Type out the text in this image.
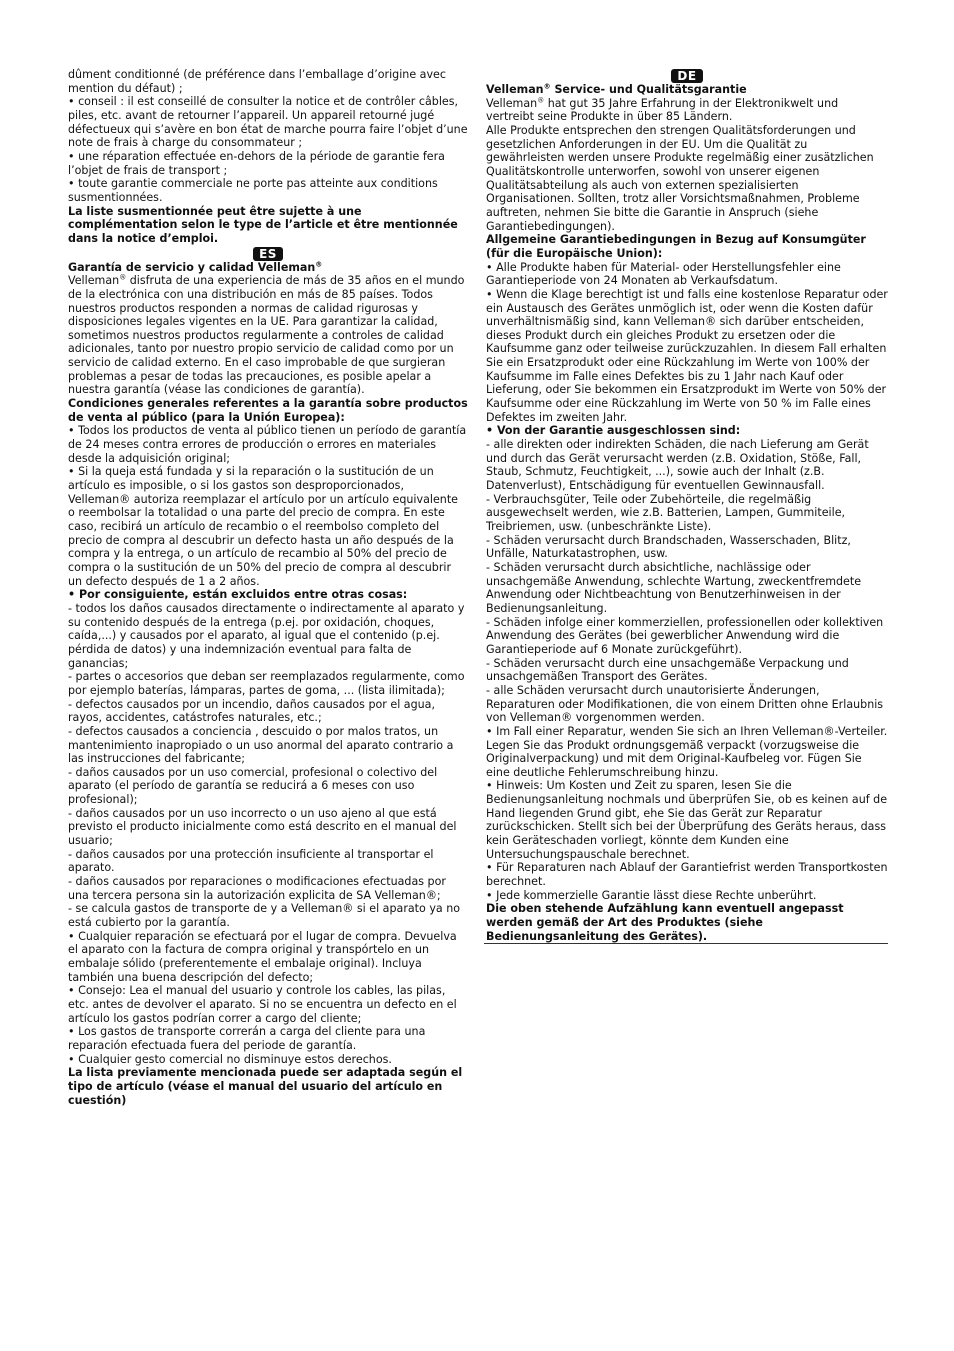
dûment conditionné (de préférence dans l’emballage d’origine avec mention du défaut) ;

• conseil : il est conseillé de consulter la notice et de contrôler câbles, piles, etc. avant de retourner l’appareil. Un appareil retourné jugé défectueux qui s’avère en bon état de marche pourra faire l’objet d’une note de frais à charge du consommateur ;

• une réparation effectuée en-dehors de la période de garantie fera l’objet de frais de transport ;

• toute garantie commerciale ne porte pas atteinte aux conditions susmentionnées.

La liste susmentionnée peut être sujette à une complémentation selon le type de l’article et être mentionnée dans la notice d’emploi.

ES

Garantía de servicio y calidad Velleman®

Velleman® disfruta de una experiencia de más de 35 años en el mundo de la electrónica con una distribución en más de 85 países. Todos nuestros productos responden a normas de calidad rigurosas y disposiciones legales vigentes en la UE. Para garantizar la calidad, sometimos nuestros productos regularmente a controles de calidad adicionales, tanto por nuestro propio servicio de calidad como por un servicio de calidad externo. En el caso improbable de que surgieran problemas a pesar de todas las precauciones, es posible apelar a nuestra garantía (véase las condiciones de garantía).

Condiciones generales referentes a la garantía sobre productos de venta al público (para la Unión Europea):

• Todos los productos de venta al público tienen un período de garantía de 24 meses contra errores de producción o errores en materiales desde la adquisición original;

• Si la queja está fundada y si la reparación o la sustitución de un artículo es imposible, o si los gastos son desproporcionados, Velleman® autoriza reemplazar el artículo por un artículo equivalente o reembolsar la totalidad o una parte del precio de compra. En este caso, recibirá un artículo de recambio o el reembolso completo del precio de compra al descubrir un defecto hasta un año después de la compra y la entrega, o un artículo de recambio al 50% del precio de compra o la sustitución de un 50% del precio de compra al descubrir un defecto después de 1 a 2 años.

• Por consiguiente, están excluidos entre otras cosas:

- todos los daños causados directamente o indirectamente al aparato y su contenido después de la entrega (p.ej. por oxidación, choques, caída,...) y causados por el aparato, al igual que el contenido (p.ej. pérdida de datos) y una indemnización eventual para falta de ganancias;

- partes o accesorios que deban ser reemplazados regularmente, como por ejemplo baterías, lámparas, partes de goma, ... (lista ilimitada);

- defectos causados por un incendio, daños causados por el agua, rayos, accidentes, catástrofes naturales, etc.;

- defectos causados a conciencia , descuido o por malos tratos, un mantenimiento inapropiado o un uso anormal del aparato contrario a las instrucciones del fabricante;

- daños causados por un uso comercial, profesional o colectivo del aparato (el período de garantía se reducirá a 6 meses con uso profesional);

- daños causados por un uso incorrecto o un uso ajeno al que está previsto el producto inicialmente como está descrito en el manual del usuario;

- daños causados por una protección insuficiente al transportar el aparato.

- daños causados por reparaciones o modificaciones efectuadas por una tercera persona sin la autorización explicita de SA Velleman®;

- se calcula gastos de transporte de y a Velleman® si el aparato ya no está cubierto por la garantía.

• Cualquier reparación se efectuará por el lugar de compra. Devuelva el aparato con la factura de compra original y transpórtelo en un embalaje sólido (preferentemente el embalaje original). Incluya también una buena descripción del defecto;

• Consejo: Lea el manual del usuario y controle los cables, las pilas, etc. antes de devolver el aparato. Si no se encuentra un defecto en el artículo los gastos podrían correr a cargo del cliente;

• Los gastos de transporte correrán a carga del cliente para una reparación efectuada fuera del periode de garantía.

• Cualquier gesto comercial no disminuye estos derechos.

La lista previamente mencionada puede ser adaptada según el tipo de artículo (véase el manual del usuario del artículo en cuestión)

DE

Velleman® Service- und Qualitätsgarantie

Velleman® hat gut 35 Jahre Erfahrung in der Elektronikwelt und vertreibt seine Produkte in über 85 Ländern.

Alle Produkte entsprechen den strengen Qualitätsforderungen und gesetzlichen Anforderungen in der EU. Um die Qualität zu gewährleisten werden unsere Produkte regelmäßig einer zusätzlichen Qualitätskontrolle unterworfen, sowohl von unserer eigenen Qualitätsabteilung als auch von externen spezialisierten Organisationen. Sollten, trotz aller Vorsichtsmaßnahmen, Probleme auftreten, nehmen Sie bitte die Garantie in Anspruch (siehe Garantiebedingungen).

Allgemeine Garantiebedingungen in Bezug auf Konsumgüter (für die Europäische Union):

• Alle Produkte haben für Material- oder Herstellungsfehler eine Garantieperiode von 24 Monaten ab Verkaufsdatum.

• Wenn die Klage berechtigt ist und falls eine kostenlose Reparatur oder ein Austausch des Gerätes unmöglich ist, oder wenn die Kosten dafür unverhältnismäßig sind, kann Velleman® sich darüber entscheiden, dieses Produkt durch ein gleiches Produkt zu ersetzen oder die Kaufsumme ganz oder teilweise zurückzuzahlen. In diesem Fall erhalten Sie ein Ersatzprodukt oder eine Rückzahlung im Werte von 100% der Kaufsumme im Falle eines Defektes bis zu 1 Jahr nach Kauf oder Lieferung, oder Sie bekommen ein Ersatzprodukt im Werte von 50% der Kaufsumme oder eine Rückzahlung im Werte von 50 % im Falle eines Defektes im zweiten Jahr.

• Von der Garantie ausgeschlossen sind:

- alle direkten oder indirekten Schäden, die nach Lieferung am Gerät und durch das Gerät verursacht werden (z.B. Oxidation, Stöße, Fall, Staub, Schmutz, Feuchtigkeit, ...), sowie auch der Inhalt (z.B. Datenverlust), Entschädigung für eventuellen Gewinnausfall.

- Verbrauchsgüter, Teile oder Zubehörteile, die regelmäßig ausgewechselt werden, wie z.B. Batterien, Lampen, Gummiteile, Treibriemen, usw. (unbeschränkte Liste).

- Schäden verursacht durch Brandschaden, Wasserschaden, Blitz, Unfälle, Naturkatastrophen, usw.

- Schäden verursacht durch absichtliche, nachlässige oder unsachgemäße Anwendung, schlechte Wartung, zweckentfremdete Anwendung oder Nichtbeachtung von Benutzerhinweisen in der Bedienungsanleitung.

- Schäden infolge einer kommerziellen, professionellen oder kollektiven Anwendung des Gerätes (bei gewerblicher Anwendung wird die Garantieperiode auf 6 Monate zurückgeführt).

- Schäden verursacht durch eine unsachgemäße Verpackung und unsachgemäßen Transport des Gerätes.

- alle Schäden verursacht durch unautorisierte Änderungen, Reparaturen oder Modifikationen, die von einem Dritten ohne Erlaubnis von Velleman® vorgenommen werden.

• Im Fall einer Reparatur, wenden Sie sich an Ihren Velleman®-Verteiler. Legen Sie das Produkt ordnungsgemäß verpackt (vorzugsweise die Originalverpackung) und mit dem Original-Kaufbeleg vor. Fügen Sie eine deutliche Fehlerumschreibung hinzu.

• Hinweis: Um Kosten und Zeit zu sparen, lesen Sie die Bedienungsanleitung nochmals und überprüfen Sie, ob es keinen auf de Hand liegenden Grund gibt, ehe Sie das Gerät zur Reparatur zurückschicken. Stellt sich bei der Überprüfung des Geräts heraus, dass kein Geräteschaden vorliegt, könnte dem Kunden eine Untersuchungspauschale berechnet.

• Für Reparaturen nach Ablauf der Garantiefrist werden Transportkosten berechnet.

• Jede kommerzielle Garantie lässt diese Rechte unberührt.

Die oben stehende Aufzählung kann eventuell angepasst werden gemäß der Art des Produktes (siehe Bedienungsanleitung des Gerätes).
